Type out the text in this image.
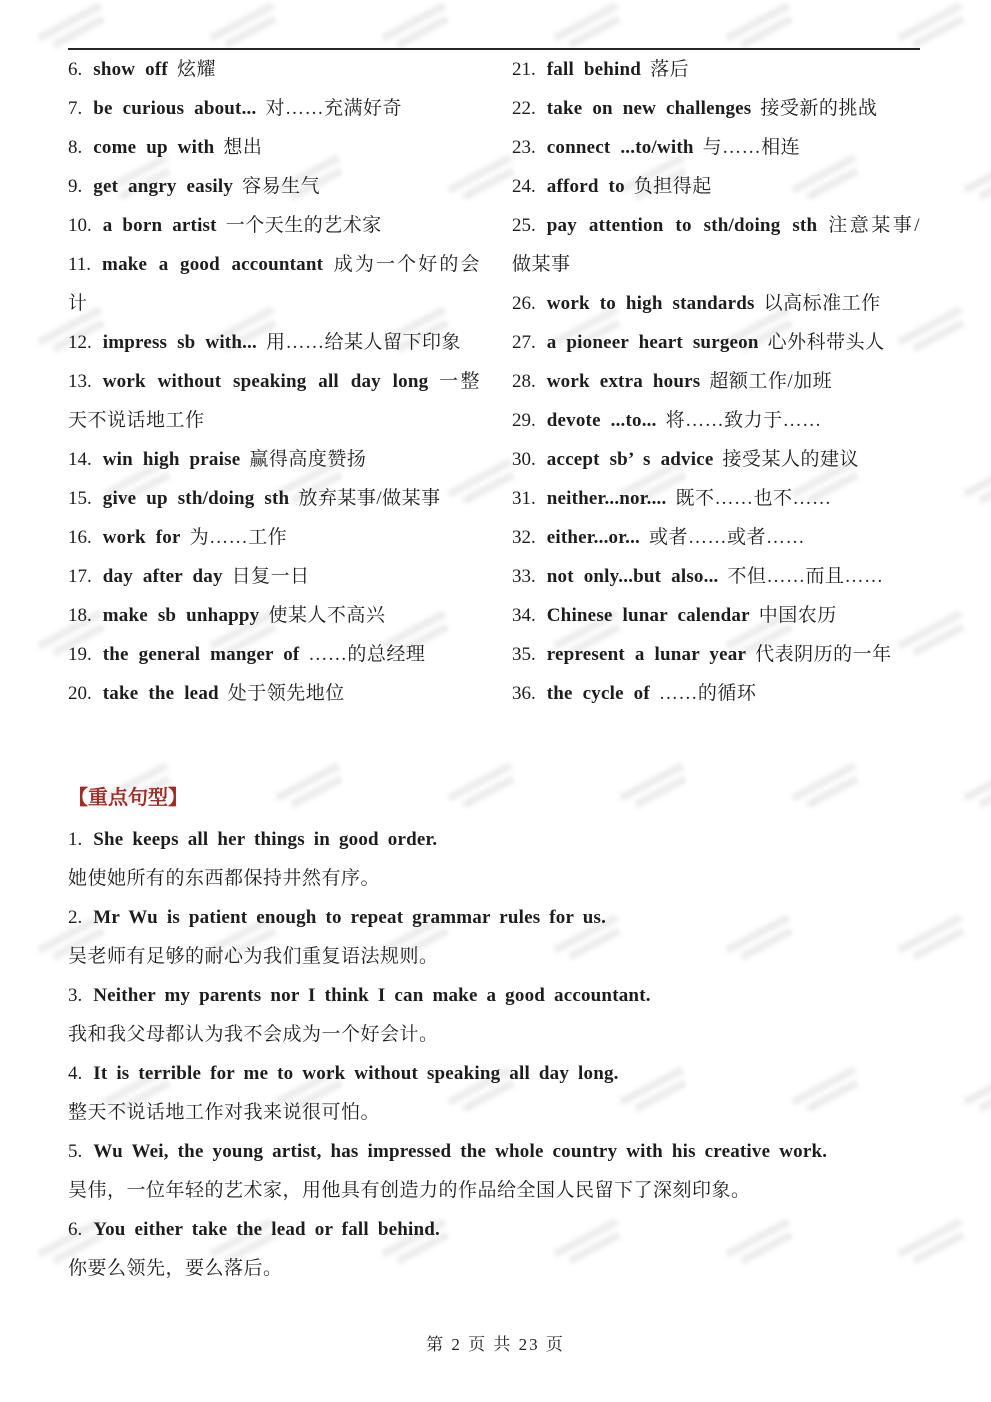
6. show off 炫耀
7. be curious about... 对……充满好奇
8. come up with 想出
9. get angry easily 容易生气
10. a born artist 一个天生的艺术家
11. make a good accountant 成为一个好的会计
12. impress sb with... 用……给某人留下印象
13. work without speaking all day long 一整天不说话地工作
14. win high praise 赢得高度赞扬
15. give up sth/doing sth 放弃某事/做某事
16. work for 为……工作
17. day after day 日复一日
18. make sb unhappy 使某人不高兴
19. the general manger of ……的总经理
20. take the lead 处于领先地位
21. fall behind 落后
22. take on new challenges 接受新的挑战
23. connect ...to/with 与……相连
24. afford to 负担得起
25. pay attention to sth/doing sth 注意某事/做某事
26. work to high standards 以高标准工作
27. a pioneer heart surgeon 心外科带头人
28. work extra hours 超额工作/加班
29. devote ...to... 将……致力于……
30. accept sb’ s advice 接受某人的建议
31. neither...nor.... 既不……也不……
32. either...or... 或者……或者……
33. not only...but also... 不但……而且……
34. Chinese lunar calendar 中国农历
35. represent a lunar year 代表阴历的一年
36. the cycle of ……的循环
【重点句型】
1. She keeps all her things in good order.
她使她所有的东西都保持井然有序。
2. Mr Wu is patient enough to repeat grammar rules for us.
吴老师有足够的耐心为我们重复语法规则。
3. Neither my parents nor I think I can make a good accountant.
我和我父母都认为我不会成为一个好会计。
4. It is terrible for me to work without speaking all day long.
整天不说话地工作对我来说很可怕。
5. Wu Wei, the young artist, has impressed the whole country with his creative work.
昊伟，一位年轻的艺术家，用他具有创造力的作品给全国人民留下了深刻印象。
6. You either take the lead or fall behind.
你要么领先，要么落后。
第 2 页 共 23 页
